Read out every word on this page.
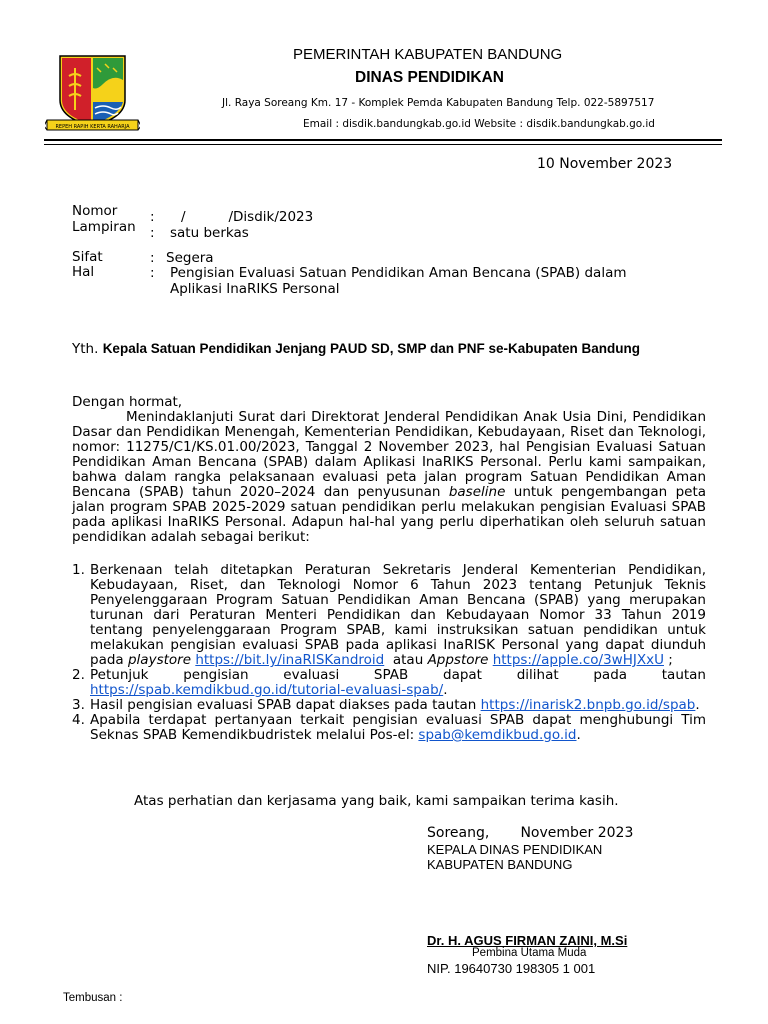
REPEH RAPIH KERTA RAHARJA
PEMERINTAH KABUPATEN BANDUNG
DINAS PENDIDIKAN
Jl. Raya Soreang Km. 17 - Komplek Pemda Kabupaten Bandung Telp. 022-5897517
Email : disdik.bandungkab.go.id Website : disdik.bandungkab.go.id
10 November 2023
Nomor	: /          /Disdik/2023
Lampiran : satu berkas
Sifat	: Segera
Hal	: Pengisian Evaluasi Satuan Pendidikan Aman Bencana (SPAB) dalam
Aplikasi InaRIKS Personal
Yth. Kepala Satuan Pendidikan Jenjang PAUD SD, SMP dan PNF se-Kabupaten Bandung
Dengan hormat,
Menindaklanjuti Surat dari Direktorat Jenderal Pendidikan Anak Usia Dini, Pendidikan Dasar dan Pendidikan Menengah, Kementerian Pendidikan, Kebudayaan, Riset dan Teknologi, nomor: 11275/C1/KS.01.00/2023, Tanggal 2 November 2023, hal Pengisian Evaluasi Satuan Pendidikan Aman Bencana (SPAB) dalam Aplikasi InaRIKS Personal. Perlu kami sampaikan, bahwa dalam rangka pelaksanaan evaluasi peta jalan program Satuan Pendidikan Aman Bencana (SPAB) tahun 2020–2024 dan penyusunan baseline untuk pengembangan peta jalan program SPAB 2025-2029 satuan pendidikan perlu melakukan pengisian Evaluasi SPAB pada aplikasi InaRIKS Personal. Adapun hal-hal yang perlu diperhatikan oleh seluruh satuan pendidikan adalah sebagai berikut:
1. Berkenaan telah ditetapkan Peraturan Sekretaris Jenderal Kementerian Pendidikan, Kebudayaan, Riset, dan Teknologi Nomor 6 Tahun 2023 tentang Petunjuk Teknis Penyelenggaraan Program Satuan Pendidikan Aman Bencana (SPAB) yang merupakan turunan dari Peraturan Menteri Pendidikan dan Kebudayaan Nomor 33 Tahun 2019 tentang penyelenggaraan Program SPAB, kami instruksikan satuan pendidikan untuk melakukan pengisian evaluasi SPAB pada aplikasi InaRISK Personal yang dapat diunduh pada playstore https://bit.ly/inaRISKandroid atau Appstore https://apple.co/3wHJXxU ;
2. Petunjuk pengisian evaluasi SPAB dapat dilihat pada tautan https://spab.kemdikbud.go.id/tutorial-evaluasi-spab/.
3. Hasil pengisian evaluasi SPAB dapat diakses pada tautan https://inarisk2.bnpb.go.id/spab.
4. Apabila terdapat pertanyaan terkait pengisian evaluasi SPAB dapat menghubungi Tim Seknas SPAB Kemendikbudristek melalui Pos-el: spab@kemdikbud.go.id.
Atas perhatian dan kerjasama yang baik, kami sampaikan terima kasih.
Soreang,       November 2023
KEPALA DINAS PENDIDIKAN
KABUPATEN BANDUNG
Dr. H. AGUS FIRMAN ZAINI, M.Si
Pembina Utama Muda
NIP. 19640730 198305 1 001
Tembusan :
